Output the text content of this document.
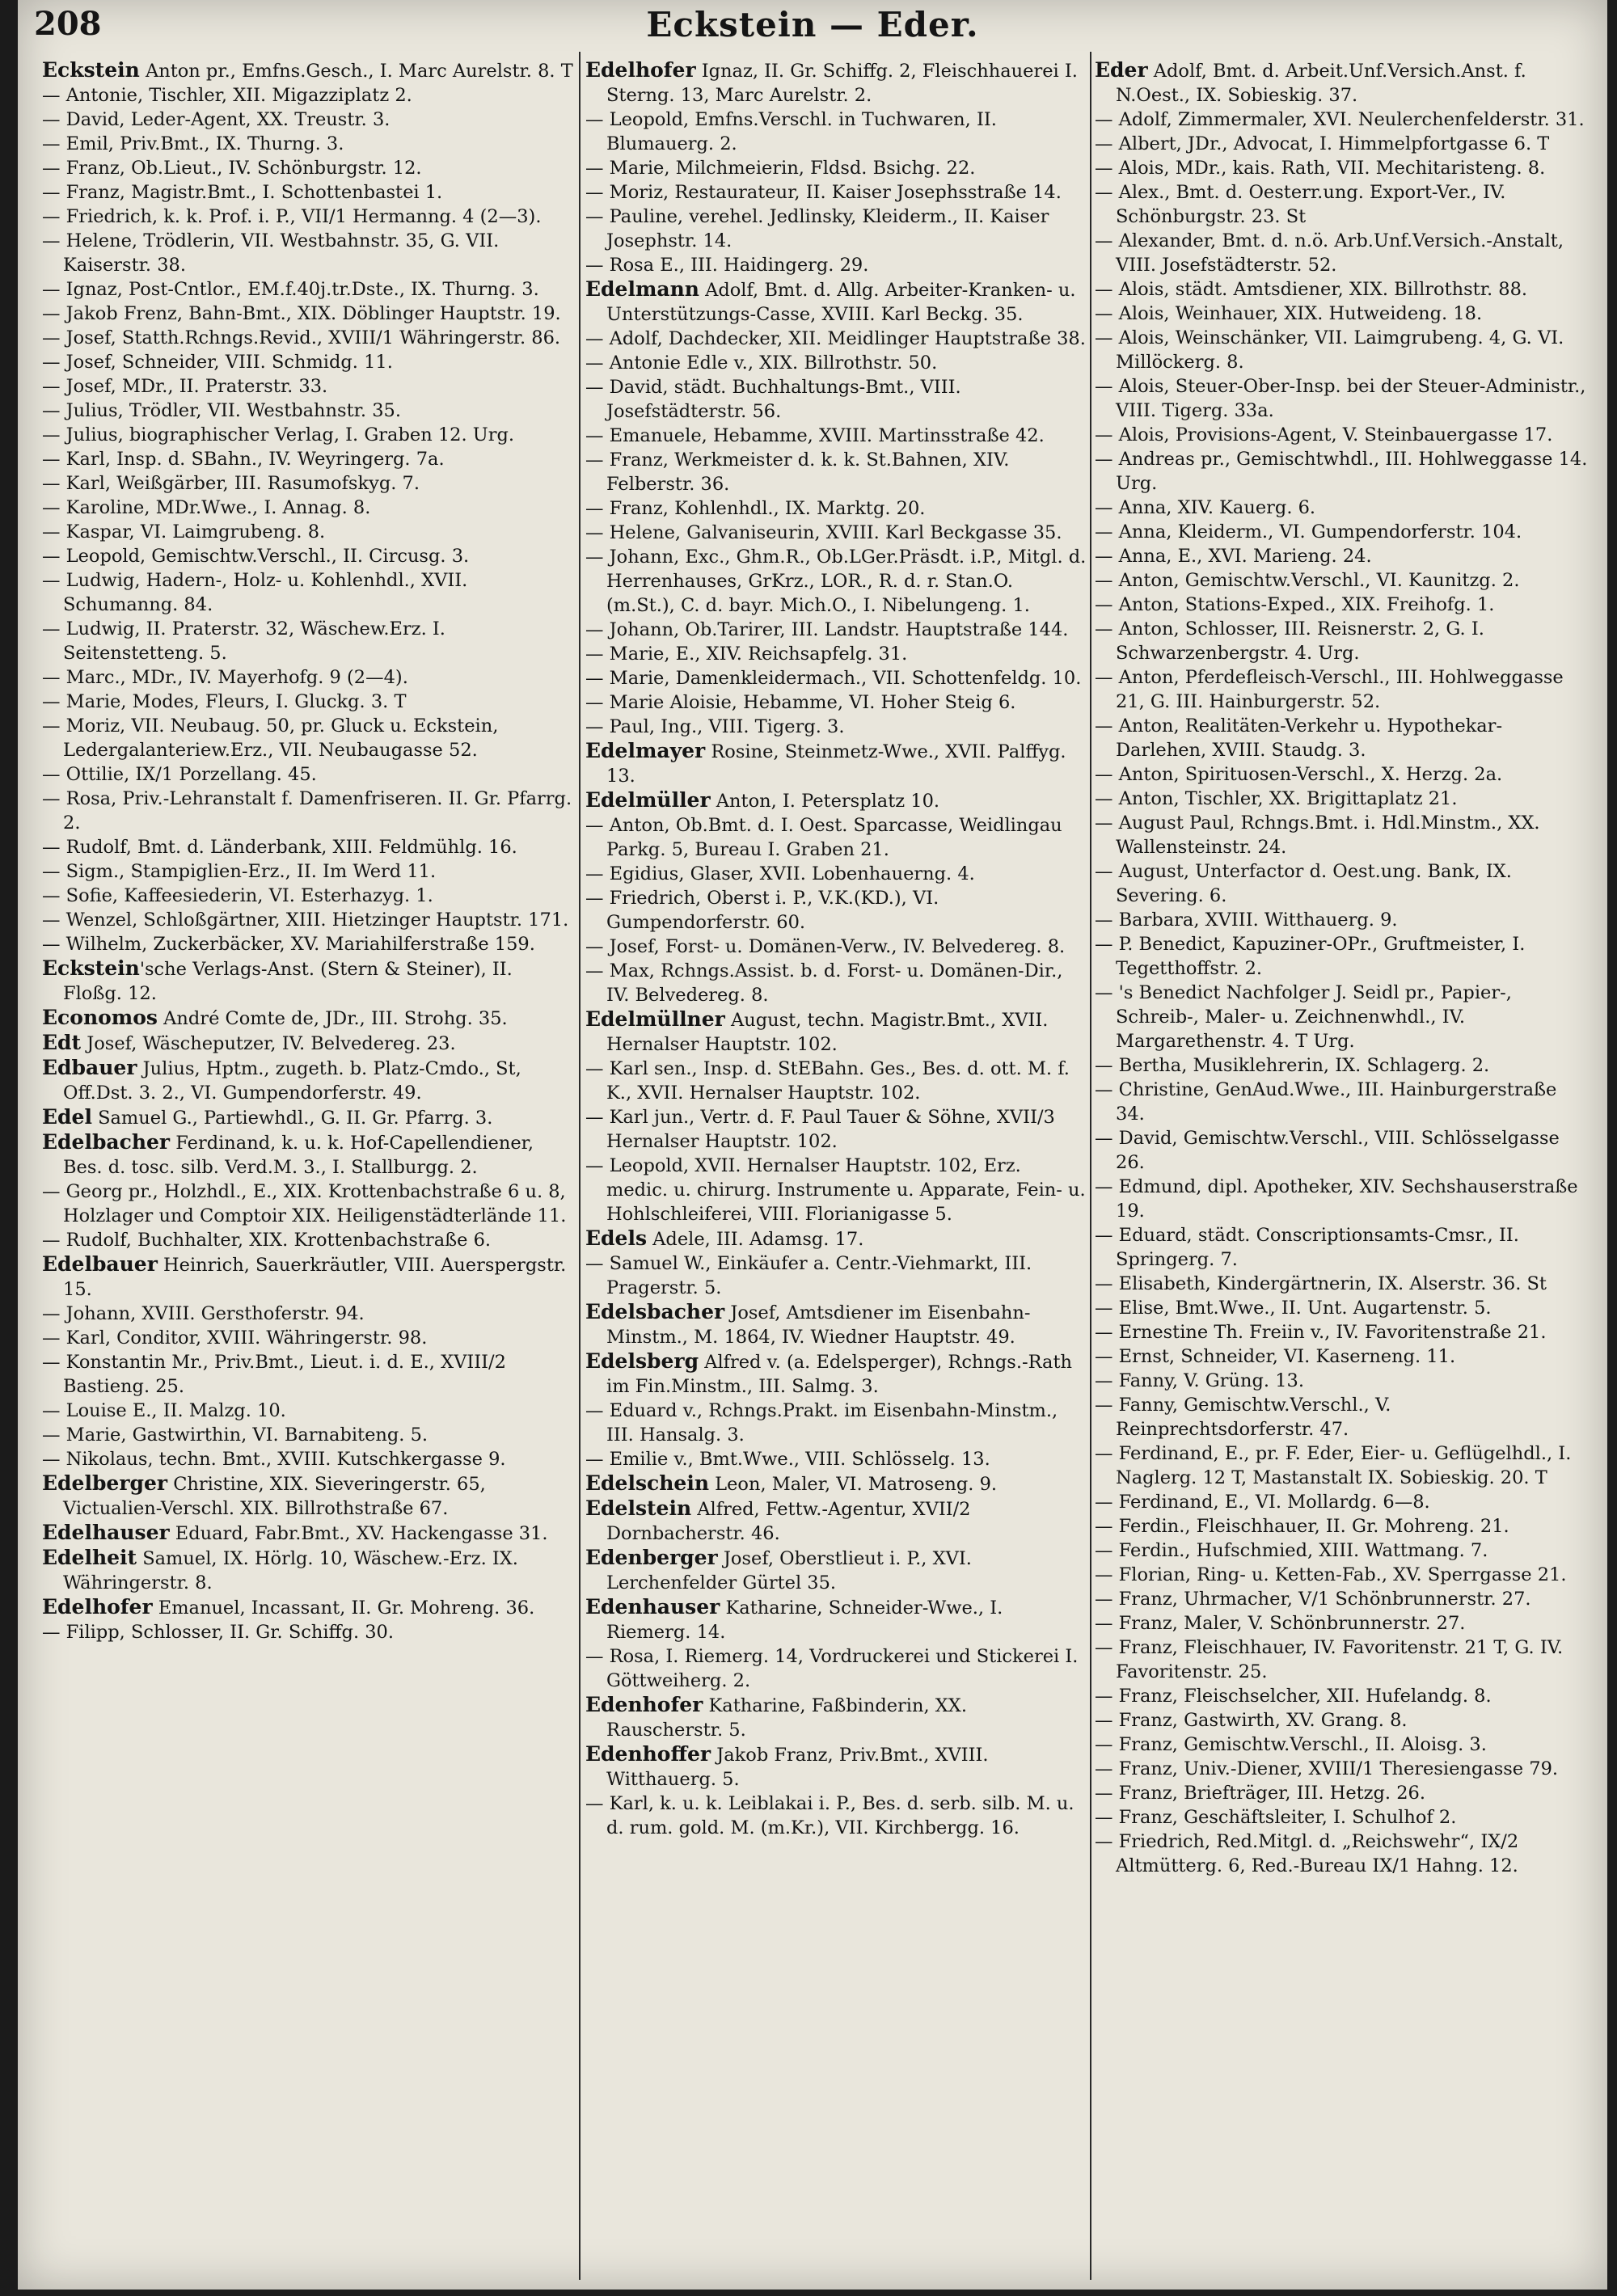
208	Eckstein — Eder.

Eckstein Anton pr., Emfns.Gesch., I. Marc Aurelstr. 8. T

— Antonie, Tischler, XII. Migazziplatz 2.

— David, Leder-Agent, XX. Treustr. 3.

— Emil, Priv.Bmt., IX. Thurng. 3.

— Franz, Ob.Lieut., IV. Schönburgstr. 12.

— Franz, Magistr.Bmt., I. Schottenbastei 1.

— Friedrich, k. k. Prof. i. P., VII/1 Hermanng. 4 (2—3).

— Helene, Trödlerin, VII. Westbahnstr. 35, G. VII. Kaiserstr. 38.

— Ignaz, Post-Cntlor., EM.f.40j.tr.Dste., IX. Thurng. 3.

— Jakob Frenz, Bahn-Bmt., XIX. Döblinger Hauptstr. 19.

— Josef, Statth.Rchngs.Revid., XVIII/1 Währingerstr. 86.

— Josef, Schneider, VIII. Schmidg. 11.

— Josef, MDr., II. Praterstr. 33.

— Julius, Trödler, VII. Westbahnstr. 35.

— Julius, biographischer Verlag, I. Graben 12. Urg.

— Karl, Insp. d. SBahn., IV. Weyringerg. 7a.

— Karl, Weißgärber, III. Rasumofskyg. 7.

— Karoline, MDr.Wwe., I. Annag. 8.

— Kaspar, VI. Laimgrubeng. 8.

— Leopold, Gemischtw.Verschl., II. Circusg. 3.

— Ludwig, Hadern-, Holz- u. Kohlenhdl., XVII. Schumanng. 84.

— Ludwig, II. Praterstr. 32, Wäschew.Erz. I. Seitenstetteng. 5.

— Marc., MDr., IV. Mayerhofg. 9 (2—4).

— Marie, Modes, Fleurs, I. Gluckg. 3. T

— Moriz, VII. Neubaug. 50, pr. Gluck u. Eckstein, Ledergalanteriew.Erz., VII. Neubaugasse 52.

— Ottilie, IX/1 Porzellang. 45.

— Rosa, Priv.-Lehranstalt f. Damenfriseren. II. Gr. Pfarrg. 2.

— Rudolf, Bmt. d. Länderbank, XIII. Feldmühlg. 16.

— Sigm., Stampiglien-Erz., II. Im Werd 11.

— Sofie, Kaffeesiederin, VI. Esterhazyg. 1.

— Wenzel, Schloßgärtner, XIII. Hietzinger Hauptstr. 171.

— Wilhelm, Zuckerbäcker, XV. Mariahilferstraße 159.

Eckstein'sche Verlags-Anst. (Stern & Steiner), II. Floßg. 12.

Economos André Comte de, JDr., III. Strohg. 35.

Edt Josef, Wäscheputzer, IV. Belvedereg. 23.

Edbauer Julius, Hptm., zugeth. b. Platz-Cmdo., St, Off.Dst. 3. 2., VI. Gumpendorferstr. 49.

Edel Samuel G., Partiewhdl., G. II. Gr. Pfarrg. 3.

Edelbacher Ferdinand, k. u. k. Hof-Capellendiener, Bes. d. tosc. silb. Verd.M. 3., I. Stallburgg. 2.

— Georg pr., Holzhdl., E., XIX. Krottenbachstraße 6 u. 8, Holzlager und Comptoir XIX. Heiligenstädterlände 11.

— Rudolf, Buchhalter, XIX. Krottenbachstraße 6.

Edelbauer Heinrich, Sauerkräutler, VIII. Auerspergstr. 15.

— Johann, XVIII. Gersthoferstr. 94.

— Karl, Conditor, XVIII. Währingerstr. 98.

— Konstantin Mr., Priv.Bmt., Lieut. i. d. E., XVIII/2 Bastieng. 25.

— Louise E., II. Malzg. 10.

— Marie, Gastwirthin, VI. Barnabiteng. 5.

— Nikolaus, techn. Bmt., XVIII. Kutschkergasse 9.

Edelberger Christine, XIX. Sieveringerstr. 65, Victualien-Verschl. XIX. Billrothstraße 67.

Edelhauser Eduard, Fabr.Bmt., XV. Hackengasse 31.

Edelheit Samuel, IX. Hörlg. 10, Wäschew.-Erz. IX. Währingerstr. 8.

Edelhofer Emanuel, Incassant, II. Gr. Mohreng. 36.

— Filipp, Schlosser, II. Gr. Schiffg. 30.

Edelhofer Ignaz, II. Gr. Schiffg. 2, Fleischhauerei I. Sterng. 13, Marc Aurelstr. 2.

— Leopold, Emfns.Verschl. in Tuchwaren, II. Blumauerg. 2.

— Marie, Milchmeierin, Fldsd. Bsichg. 22.

— Moriz, Restaurateur, II. Kaiser Josephsstraße 14.

— Pauline, verehel. Jedlinsky, Kleiderm., II. Kaiser Josephstr. 14.

— Rosa E., III. Haidingerg. 29.

Edelmann Adolf, Bmt. d. Allg. Arbeiter-Kranken- u. Unterstützungs-Casse, XVIII. Karl Beckg. 35.

— Adolf, Dachdecker, XII. Meidlinger Hauptstraße 38.

— Antonie Edle v., XIX. Billrothstr. 50.

— David, städt. Buchhaltungs-Bmt., VIII. Josefstädterstr. 56.

— Emanuele, Hebamme, XVIII. Martinsstraße 42.

— Franz, Werkmeister d. k. k. St.Bahnen, XIV. Felberstr. 36.

— Franz, Kohlenhdl., IX. Marktg. 20.

— Helene, Galvaniseurin, XVIII. Karl Beckgasse 35.

— Johann, Exc., Ghm.R., Ob.LGer.Präsdt. i.P., Mitgl. d. Herrenhauses, GrKrz., LOR., R. d. r. Stan.O. (m.St.), C. d. bayr. Mich.O., I. Nibelungeng. 1.

— Johann, Ob.Tarirer, III. Landstr. Hauptstraße 144.

— Marie, E., XIV. Reichsapfelg. 31.

— Marie, Damenkleidermach., VII. Schottenfeldg. 10.

— Marie Aloisie, Hebamme, VI. Hoher Steig 6.

— Paul, Ing., VIII. Tigerg. 3.

Edelmayer Rosine, Steinmetz-Wwe., XVII. Palffyg. 13.

Edelmüller Anton, I. Petersplatz 10.

— Anton, Ob.Bmt. d. I. Oest. Sparcasse, Weidlingau Parkg. 5, Bureau I. Graben 21.

— Egidius, Glaser, XVII. Lobenhauerng. 4.

— Friedrich, Oberst i. P., V.K.(KD.), VI. Gumpendorferstr. 60.

— Josef, Forst- u. Domänen-Verw., IV. Belvedereg. 8.

— Max, Rchngs.Assist. b. d. Forst- u. Domänen-Dir., IV. Belvedereg. 8.

Edelmüllner August, techn. Magistr.Bmt., XVII. Hernalser Hauptstr. 102.

— Karl sen., Insp. d. StEBahn. Ges., Bes. d. ott. M. f. K., XVII. Hernalser Hauptstr. 102.

— Karl jun., Vertr. d. F. Paul Tauer & Söhne, XVII/3 Hernalser Hauptstr. 102.

— Leopold, XVII. Hernalser Hauptstr. 102, Erz. medic. u. chirurg. Instrumente u. Apparate, Fein- u. Hohlschleiferei, VIII. Florianigasse 5.

Edels Adele, III. Adamsg. 17.

— Samuel W., Einkäufer a. Centr.-Viehmarkt, III. Pragerstr. 5.

Edelsbacher Josef, Amtsdiener im Eisenbahn-Minstm., M. 1864, IV. Wiedner Hauptstr. 49.

Edelsberg Alfred v. (a. Edelsperger), Rchngs.-Rath im Fin.Minstm., III. Salmg. 3.

— Eduard v., Rchngs.Prakt. im Eisenbahn-Minstm., III. Hansalg. 3.

— Emilie v., Bmt.Wwe., VIII. Schlösselg. 13.

Edelschein Leon, Maler, VI. Matroseng. 9.

Edelstein Alfred, Fettw.-Agentur, XVII/2 Dornbacherstr. 46.

Edenberger Josef, Oberstlieut i. P., XVI. Lerchenfelder Gürtel 35.

Edenhauser Katharine, Schneider-Wwe., I. Riemerg. 14.

— Rosa, I. Riemerg. 14, Vordruckerei und Stickerei I. Göttweiherg. 2.

Edenhofer Katharine, Faßbinderin, XX. Rauscherstr. 5.

Edenhoffer Jakob Franz, Priv.Bmt., XVIII. Witthauerg. 5.

— Karl, k. u. k. Leiblakai i. P., Bes. d. serb. silb. M. u. d. rum. gold. M. (m.Kr.), VII. Kirchbergg. 16.

Eder Adolf, Bmt. d. Arbeit.Unf.Versich.Anst. f. N.Oest., IX. Sobieskig. 37.

— Adolf, Zimmermaler, XVI. Neulerchenfelderstr. 31.

— Albert, JDr., Advocat, I. Himmelpfortgasse 6. T

— Alois, MDr., kais. Rath, VII. Mechitaristeng. 8.

— Alex., Bmt. d. Oesterr.ung. Export-Ver., IV. Schönburgstr. 23. St

— Alexander, Bmt. d. n.ö. Arb.Unf.Versich.-Anstalt, VIII. Josefstädterstr. 52.

— Alois, städt. Amtsdiener, XIX. Billrothstr. 88.

— Alois, Weinhauer, XIX. Hutweideng. 18.

— Alois, Weinschänker, VII. Laimgrubeng. 4, G. VI. Millöckerg. 8.

— Alois, Steuer-Ober-Insp. bei der Steuer-Administr., VIII. Tigerg. 33a.

— Alois, Provisions-Agent, V. Steinbauergasse 17.

— Andreas pr., Gemischtwhdl., III. Hohlweggasse 14. Urg.

— Anna, XIV. Kauerg. 6.

— Anna, Kleiderm., VI. Gumpendorferstr. 104.

— Anna, E., XVI. Marieng. 24.

— Anton, Gemischtw.Verschl., VI. Kaunitzg. 2.

— Anton, Stations-Exped., XIX. Freihofg. 1.

— Anton, Schlosser, III. Reisnerstr. 2, G. I. Schwarzenbergstr. 4. Urg.

— Anton, Pferdefleisch-Verschl., III. Hohlweggasse 21, G. III. Hainburgerstr. 52.

— Anton, Realitäten-Verkehr u. Hypothekar-Darlehen, XVIII. Staudg. 3.

— Anton, Spirituosen-Verschl., X. Herzg. 2a.

— Anton, Tischler, XX. Brigittaplatz 21.

— August Paul, Rchngs.Bmt. i. Hdl.Minstm., XX. Wallensteinstr. 24.

— August, Unterfactor d. Oest.ung. Bank, IX. Severing. 6.

— Barbara, XVIII. Witthauerg. 9.

— P. Benedict, Kapuziner-OPr., Gruftmeister, I. Tegetthoffstr. 2.

— 's Benedict Nachfolger J. Seidl pr., Papier-, Schreib-, Maler- u. Zeichnenwhdl., IV. Margarethenstr. 4. T Urg.

— Bertha, Musiklehrerin, IX. Schlagerg. 2.

— Christine, GenAud.Wwe., III. Hainburgerstraße 34.

— David, Gemischtw.Verschl., VIII. Schlösselgasse 26.

— Edmund, dipl. Apotheker, XIV. Sechshauserstraße 19.

— Eduard, städt. Conscriptionsamts-Cmsr., II. Springerg. 7.

— Elisabeth, Kindergärtnerin, IX. Alserstr. 36. St

— Elise, Bmt.Wwe., II. Unt. Augartenstr. 5.

— Ernestine Th. Freiin v., IV. Favoritenstraße 21.

— Ernst, Schneider, VI. Kaserneng. 11.

— Fanny, V. Grüng. 13.

— Fanny, Gemischtw.Verschl., V. Reinprechtsdorferstr. 47.

— Ferdinand, E., pr. F. Eder, Eier- u. Geflügelhdl., I. Naglerg. 12 T, Mastanstalt IX. Sobieskig. 20. T

— Ferdinand, E., VI. Mollardg. 6—8.

— Ferdin., Fleischhauer, II. Gr. Mohreng. 21.

— Ferdin., Hufschmied, XIII. Wattmang. 7.

— Florian, Ring- u. Ketten-Fab., XV. Sperrgasse 21.

— Franz, Uhrmacher, V/1 Schönbrunnerstr. 27.

— Franz, Maler, V. Schönbrunnerstr. 27.

— Franz, Fleischhauer, IV. Favoritenstr. 21 T, G. IV. Favoritenstr. 25.

— Franz, Fleischselcher, XII. Hufelandg. 8.

— Franz, Gastwirth, XV. Grang. 8.

— Franz, Gemischtw.Verschl., II. Aloisg. 3.

— Franz, Univ.-Diener, XVIII/1 Theresiengasse 79.

— Franz, Briefträger, III. Hetzg. 26.

— Franz, Geschäftsleiter, I. Schulhof 2.

— Friedrich, Red.Mitgl. d. „Reichswehr“, IX/2 Altmütterg. 6, Red.-Bureau IX/1 Hahng. 12.
